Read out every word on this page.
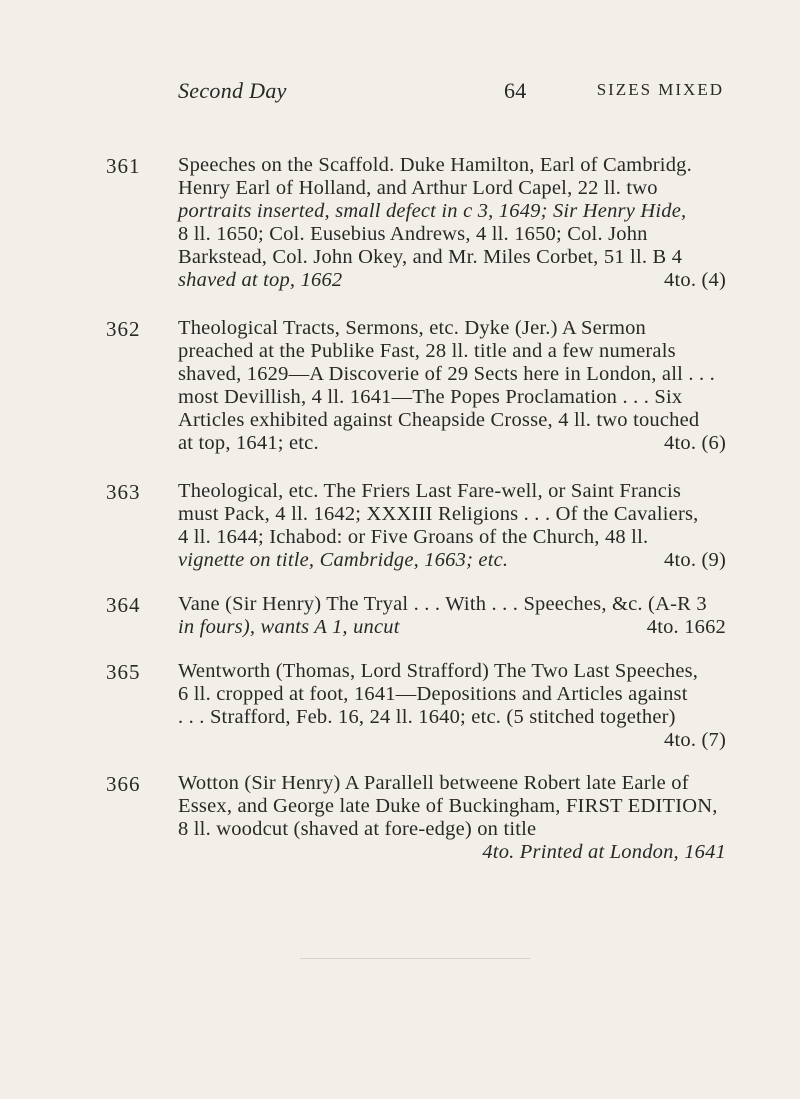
Second Day	64	SIZES MIXED
361 Speeches on the Scaffold. Duke Hamilton, Earl of Cambridg.
Henry Earl of Holland, and Arthur Lord Capel, 22 ll. two
portraits inserted, small defect in c 3, 1649; Sir Henry Hide,
8 ll. 1650; Col. Eusebius Andrews, 4 ll. 1650; Col. John
Barkstead, Col. John Okey, and Mr. Miles Corbet, 51 ll. B 4
shaved at top, 1662	4to. (4)
362 Theological Tracts, Sermons, etc. Dyke (Jer.) A Sermon
preached at the Publike Fast, 28 ll. title and a few numerals
shaved, 1629—A Discoverie of 29 Sects here in London, all . . .
most Devillish, 4 ll. 1641—The Popes Proclamation . . . Six
Articles exhibited against Cheapside Crosse, 4 ll. two touched
at top, 1641; etc.	4to. (6)
363 Theological, etc. The Friers Last Fare-well, or Saint Francis
must Pack, 4 ll. 1642; XXXIII Religions . . . Of the Cavaliers,
4 ll. 1644; Ichabod: or Five Groans of the Church, 48 ll.
vignette on title, Cambridge, 1663; etc.	4to. (9)
364 Vane (Sir Henry) The Tryal . . . With . . . Speeches, &c. (A-R 3
in fours), wants A 1, uncut	4to. 1662
365 Wentworth (Thomas, Lord Strafford) The Two Last Speeches,
6 ll. cropped at foot, 1641—Depositions and Articles against
. . . Strafford, Feb. 16, 24 ll. 1640; etc. (5 stitched together)
4to. (7)
366 Wotton (Sir Henry) A Parallell betweene Robert late Earle of
Essex, and George late Duke of Buckingham, FIRST EDITION,
8 ll. woodcut (shaved at fore-edge) on title
4to. Printed at London, 1641
